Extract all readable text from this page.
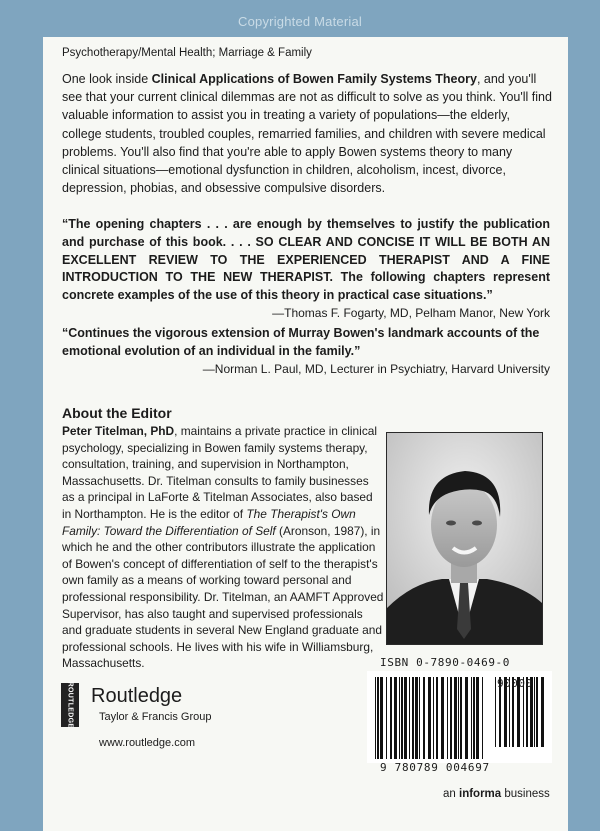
Copyrighted Material
Psychotherapy/Mental Health; Marriage & Family
One look inside Clinical Applications of Bowen Family Systems Theory, and you'll see that your current clinical dilemmas are not as difficult to solve as you think. You'll find valuable information to assist you in treating a variety of populations—the elderly, college students, troubled couples, remarried families, and children with severe medical problems. You'll also find that you're able to apply Bowen systems theory to many clinical situations—emotional dysfunction in children, alcoholism, incest, divorce, depression, phobias, and obsessive compulsive disorders.
“The opening chapters . . . are enough by themselves to justify the publication and purchase of this book. . . . SO CLEAR AND CONCISE IT WILL BE BOTH AN EXCELLENT REVIEW TO THE EXPERIENCED THERAPIST AND A FINE INTRODUCTION TO THE NEW THERAPIST. The following chapters represent concrete examples of the use of this theory in practical case situations.”
—Thomas F. Fogarty, MD, Pelham Manor, New York
“Continues the vigorous extension of Murray Bowen's landmark accounts of the emotional evolution of an individual in the family.”
—Norman L. Paul, MD, Lecturer in Psychiatry, Harvard University
About the Editor
Peter Titelman, PhD, maintains a private practice in clinical psychology, specializing in Bowen family systems therapy, consultation, training, and supervision in Northampton, Massachusetts. Dr. Titelman consults to family businesses as a principal in LaForte & Titelman Associates, also based in Northampton. He is the editor of The Therapist's Own Family: Toward the Differentiation of Self (Aronson, 1987), in which he and the other contributors illustrate the application of Bowen's concept of differentiation of self to the therapist's own family as a means of working toward personal and professional responsibility. Dr. Titelman, an AAMFT Approved Supervisor, has also taught and supervised professionals and graduate students in several New England graduate and professional schools. He lives with his wife in Williamsburg, Massachusetts.
ROUTLEDGE Routledge
Taylor & Francis Group
www.routledge.com
ISBN 0-7890-0469-0
90000
9 780789 004697
an informa business
